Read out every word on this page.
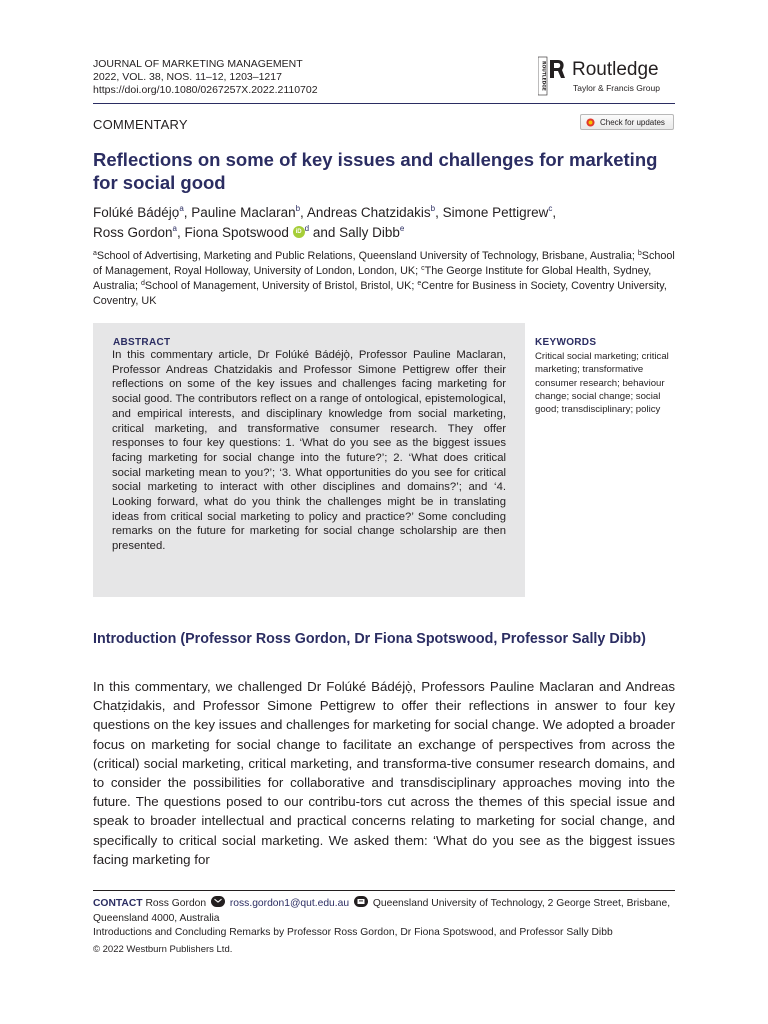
JOURNAL OF MARKETING MANAGEMENT
2022, VOL. 38, NOS. 11–12, 1203–1217
https://doi.org/10.1080/0267257X.2022.2110702	ROUTLEDGE Routledge
Taylor & Francis Group
COMMENTARY	Check for updates
Reflections on some of key issues and challenges for marketing for social good
Folúké Bádéjọ$^a$, Pauline Maclaran$^b$, Andreas Chatzidakis$^b$, Simone Pettigrew$^c$,
Ross Gordon$^a$, Fiona Spotswood	iD $^d$ and Sally Dibb$^e$
$^a$School of Advertising, Marketing and Public Relations, Queensland University of Technology, Brisbane, Australia; $^b$School of Management, Royal Holloway, University of London, London, UK; $^c$The George Institute for Global Health, Sydney, Australia; $^d$School of Management, University of Bristol, Bristol, UK; $^e$Centre for Business in Society, Coventry University, Coventry, UK
ABSTRACT
In this commentary article, Dr Folúké Bádéjọ̀, Professor Pauline Maclaran, Professor Andreas Chatzidakis and Professor Simone Pettigrew offer their reflections on some of the key issues and challenges facing marketing for social good. The contributors reflect on a range of ontological, epistemological, and empirical interests, and disciplinary knowledge from social marketing, critical marketing, and transformative consumer research. They offer responses to four key questions: 1. ‘What do you see as the biggest issues facing marketing for social change into the future?’; 2. ‘What does critical social marketing mean to you?’; ‘3. What opportunities do you see for critical social marketing to interact with other disciplines and domains?’; and ‘4. Looking forward, what do you think the challenges might be in translating ideas from critical social marketing to policy and practice?’ Some concluding remarks on the future for marketing for social change scholarship are then presented.
KEYWORDS
Critical social marketing; critical marketing; transformative consumer research; behaviour change; social change; social good; transdisciplinary; policy
Introduction (Professor Ross Gordon, Dr Fiona Spotswood, Professor Sally Dibb)
In this commentary, we challenged Dr Folúké Bádéjọ̀, Professors Pauline Maclaran and Andreas Chatẓidakis, and Professor Simone Pettigrew to offer their reflections in answer to four key questions on the key issues and challenges for marketing for social change. We adopted a broader focus on marketing for social change to facilitate an exchange of perspectives from across the (critical) social marketing, critical marketing, and transforma-tive consumer research domains, and to consider the possibilities for collaborative and transdisciplinary approaches moving into the future. The questions posed to our contribu-tors cut across the themes of this special issue and speak to broader intellectual and practical concerns relating to marketing for social change, and specifically to critical social marketing. We asked them: ‘What do you see as the biggest issues facing marketing for
CONTACT Ross Gordon ross.gordon1@qut.edu.au Queensland University of Technology, 2 George Street, Brisbane, Queensland 4000, Australia
Introductions and Concluding Remarks by Professor Ross Gordon, Dr Fiona Spotswood, and Professor Sally Dibb
© 2022 Westburn Publishers Ltd.
